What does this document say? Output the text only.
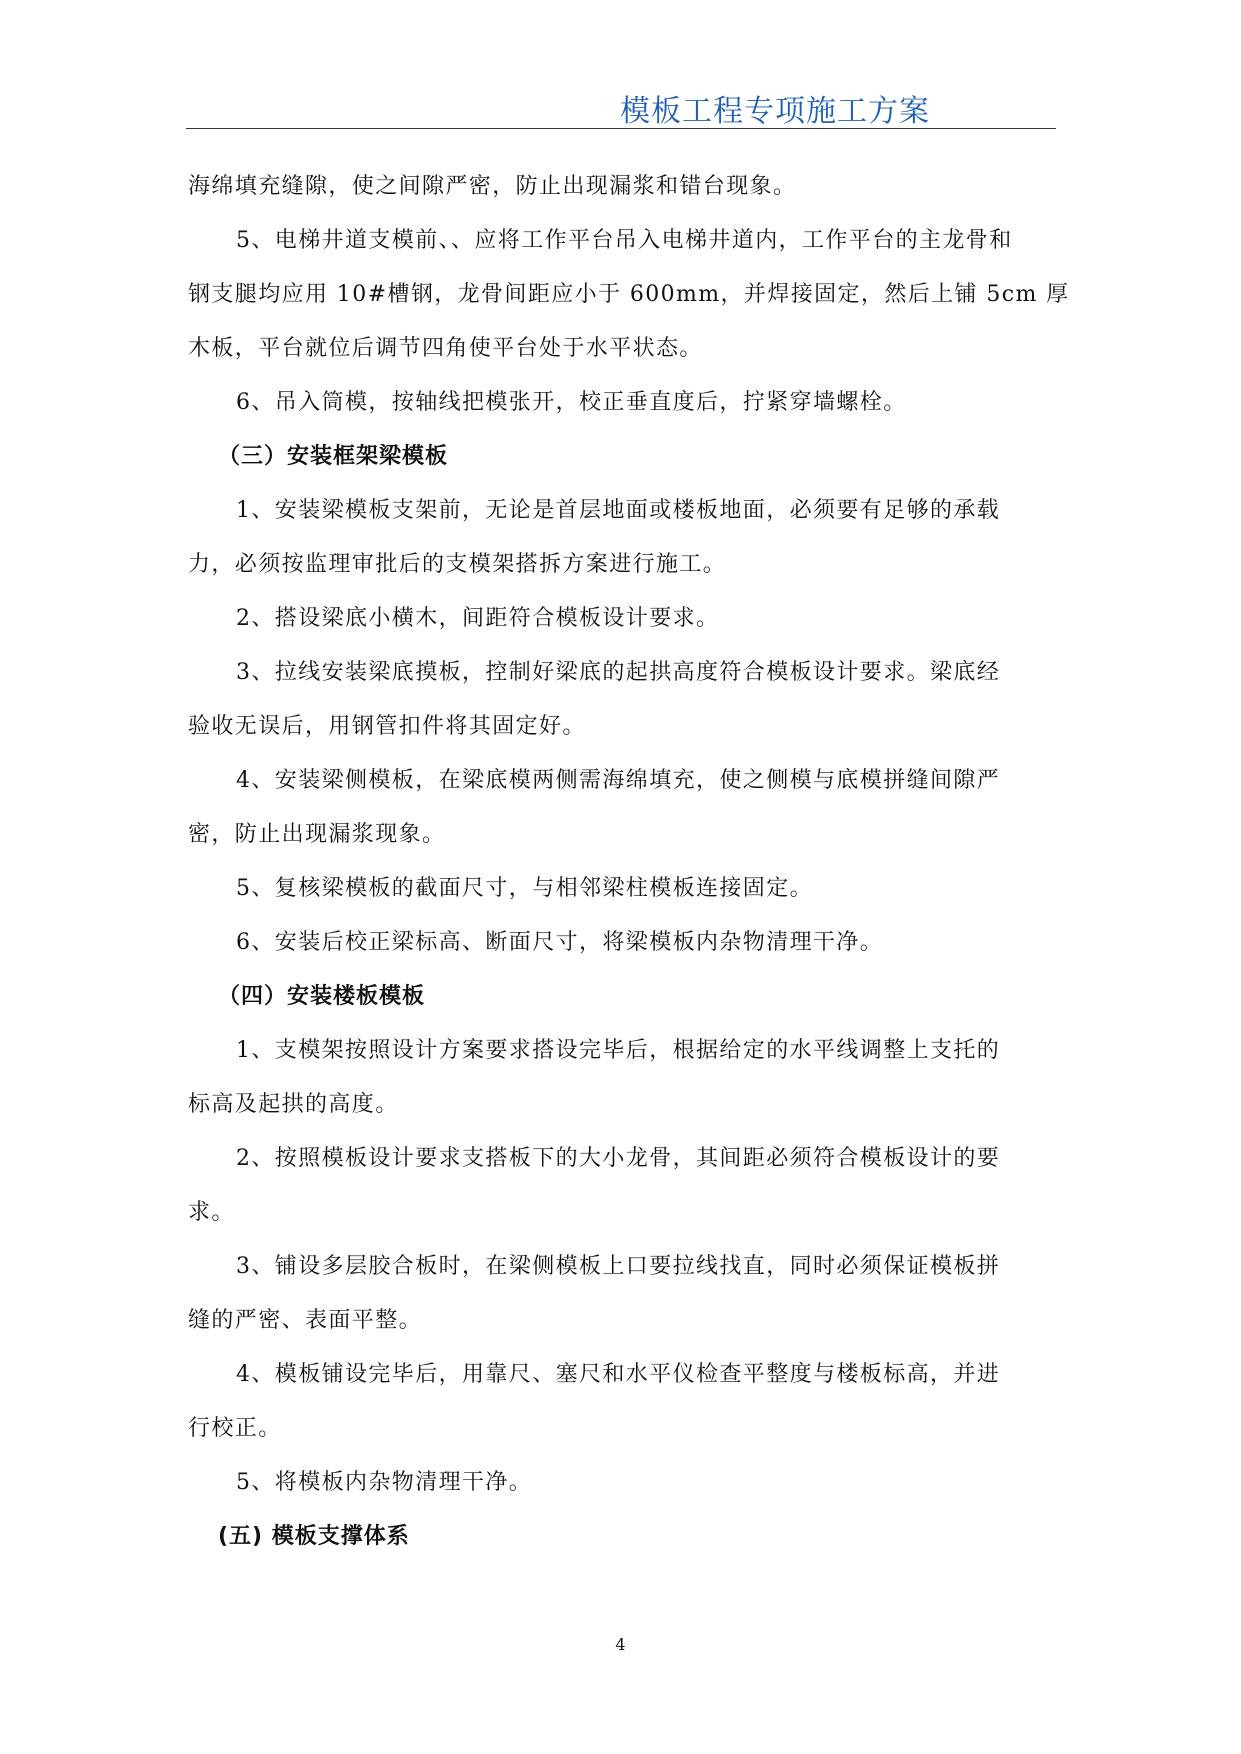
模板工程专项施工方案
海绵填充缝隙，使之间隙严密，防止出现漏浆和错台现象。
5、电梯井道支模前、、应将工作平台吊入电梯井道内，工作平台的主龙骨和
钢支腿均应用 10#槽钢，龙骨间距应小于 600mm，并焊接固定，然后上铺 5cm 厚
木板，平台就位后调节四角使平台处于水平状态。
6、吊入筒模，按轴线把模张开，校正垂直度后，拧紧穿墙螺栓。
（三）安装框架梁模板
1、安装梁模板支架前，无论是首层地面或楼板地面，必须要有足够的承载
力，必须按监理审批后的支模架搭拆方案进行施工。
2、搭设梁底小横木，间距符合模板设计要求。
3、拉线安装梁底摸板，控制好梁底的起拱高度符合模板设计要求。梁底经
验收无误后，用钢管扣件将其固定好。
4、安装梁侧模板，在梁底模两侧需海绵填充，使之侧模与底模拼缝间隙严
密，防止出现漏浆现象。
5、复核梁模板的截面尺寸，与相邻梁柱模板连接固定。
6、安装后校正梁标高、断面尺寸，将梁模板内杂物清理干净。
（四）安装楼板模板
1、支模架按照设计方案要求搭设完毕后，根据给定的水平线调整上支托的
标高及起拱的高度。
2、按照模板设计要求支搭板下的大小龙骨，其间距必须符合模板设计的要
求。
3、铺设多层胶合板时，在梁侧模板上口要拉线找直，同时必须保证模板拼
缝的严密、表面平整。
4、模板铺设完毕后，用靠尺、塞尺和水平仪检查平整度与楼板标高，并进
行校正。
5、将模板内杂物清理干净。
(五) 模板支撑体系
4
